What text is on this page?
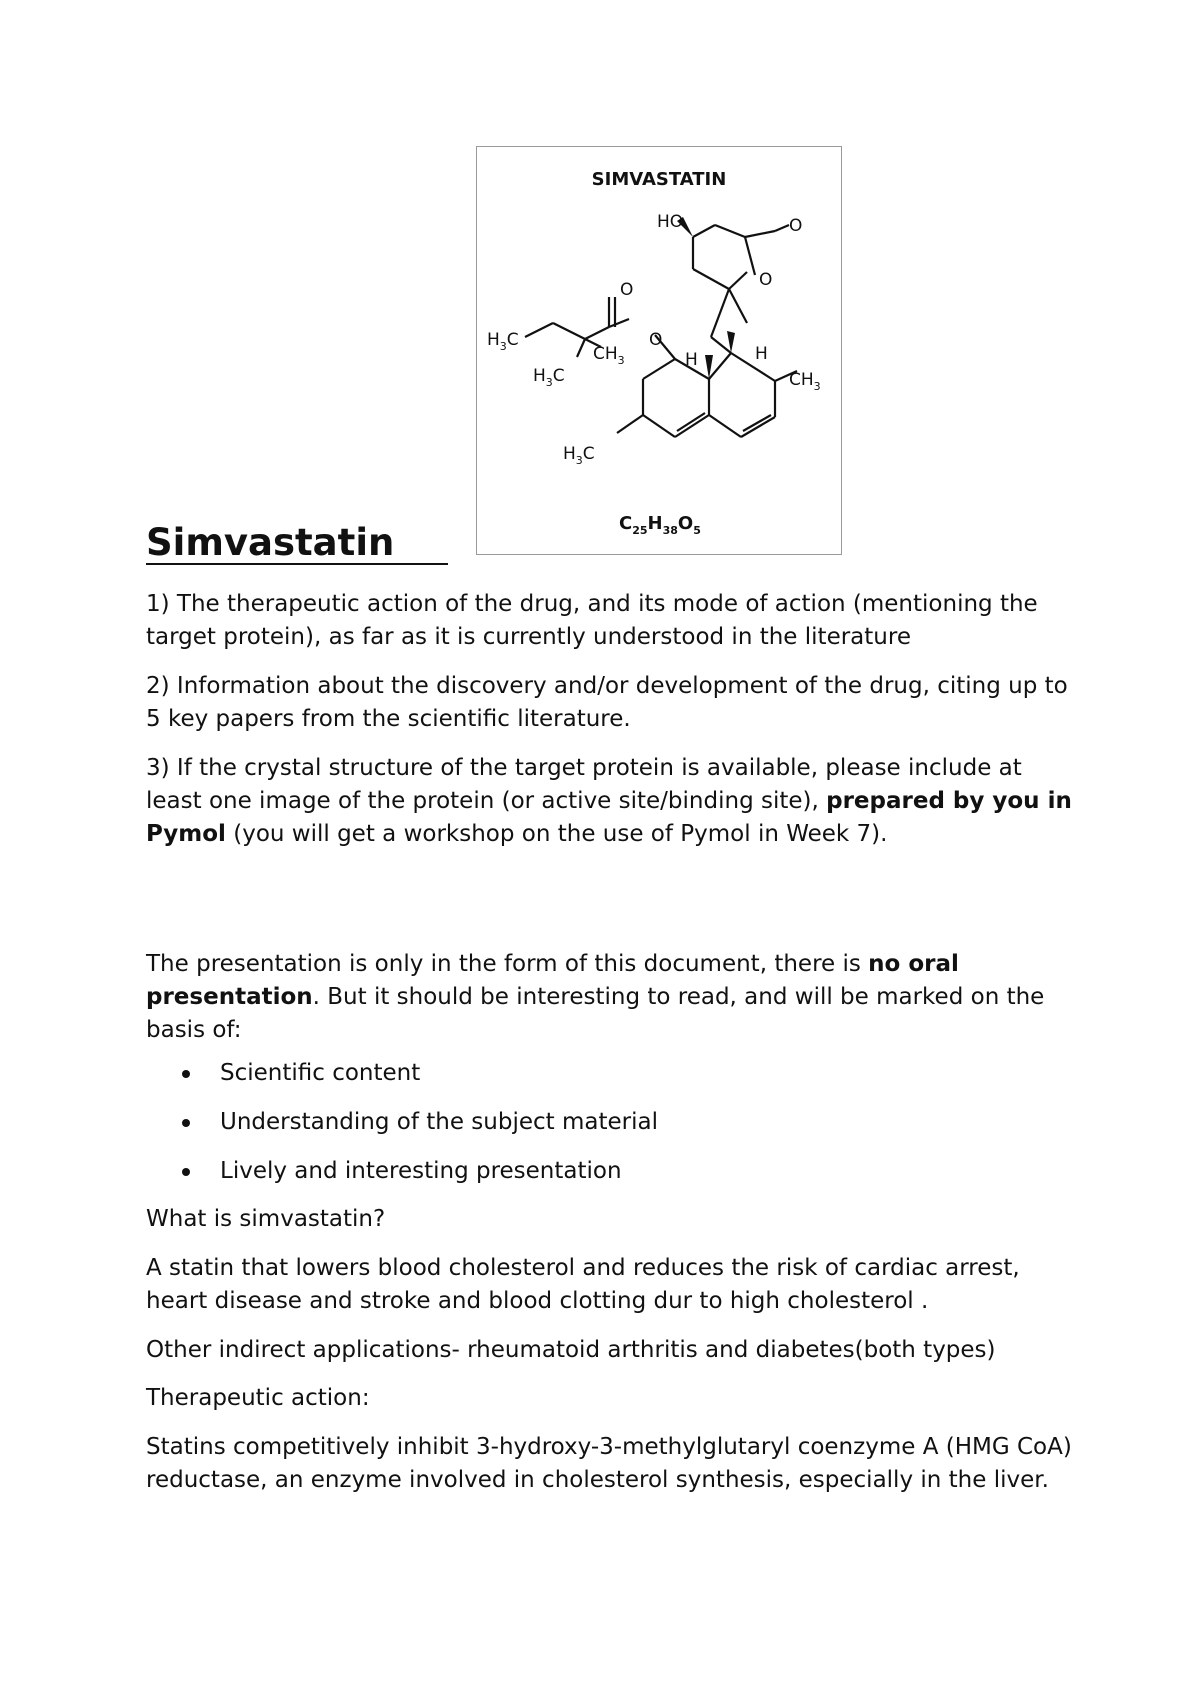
SIMVASTATIN
HO	O
O
O
O
$H_3C$
$CH_3$
$H_3C$
H	H
$CH_3$
$H_3C$
$C_{25}H_{38}O_5$
Simvastatin

1) The therapeutic action of the drug, and its mode of action (mentioning the target protein), as far as it is currently understood in the literature

2) Information about the discovery and/or development of the drug, citing up to 5 key papers from the scientific literature.

3) If the crystal structure of the target protein is available, please include at least one image of the protein (or active site/binding site), prepared by you in Pymol (you will get a workshop on the use of Pymol in Week 7).

The presentation is only in the form of this document, there is no oral presentation. But it should be interesting to read, and will be marked on the basis of:

Scientific content
Understanding of the subject material
Lively and interesting presentation

What is simvastatin?

A statin that lowers blood cholesterol and reduces the risk of cardiac arrest, heart disease and stroke and blood clotting dur to high cholesterol .

Other indirect applications- rheumatoid arthritis and diabetes(both types)

Therapeutic action:

Statins competitively inhibit 3-hydroxy-3-methylglutaryl coenzyme A (HMG CoA) reductase, an enzyme involved in cholesterol synthesis, especially in the liver.
